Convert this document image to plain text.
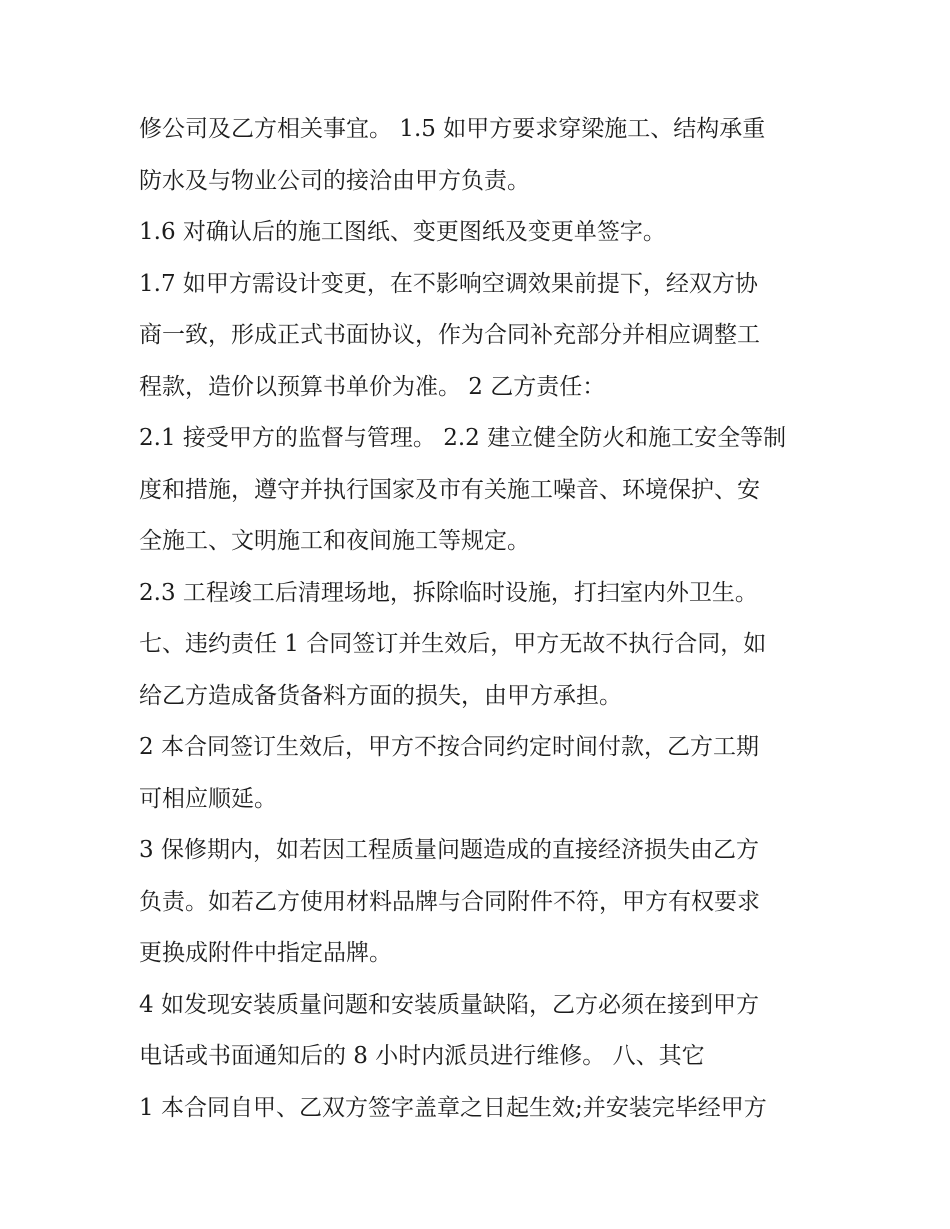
修公司及乙方相关事宜。 1.5 如甲方要求穿梁施工、结构承重
防水及与物业公司的接洽由甲方负责。
1.6 对确认后的施工图纸、变更图纸及变更单签字。
1.7 如甲方需设计变更，在不影响空调效果前提下，经双方协
商一致，形成正式书面协议，作为合同补充部分并相应调整工
程款，造价以预算书单价为准。 2 乙方责任：
2.1 接受甲方的监督与管理。 2.2 建立健全防火和施工安全等制
度和措施，遵守并执行国家及市有关施工噪音、环境保护、安
全施工、文明施工和夜间施工等规定。
2.3 工程竣工后清理场地，拆除临时设施，打扫室内外卫生。
七、违约责任 1 合同签订并生效后，甲方无故不执行合同，如
给乙方造成备货备料方面的损失，由甲方承担。
2 本合同签订生效后，甲方不按合同约定时间付款，乙方工期
可相应顺延。
3 保修期内，如若因工程质量问题造成的直接经济损失由乙方
负责。如若乙方使用材料品牌与合同附件不符，甲方有权要求
更换成附件中指定品牌。
4 如发现安装质量问题和安装质量缺陷，乙方必须在接到甲方
电话或书面通知后的 8 小时内派员进行维修。 八、其它
1 本合同自甲、乙双方签字盖章之日起生效;并安装完毕经甲方
